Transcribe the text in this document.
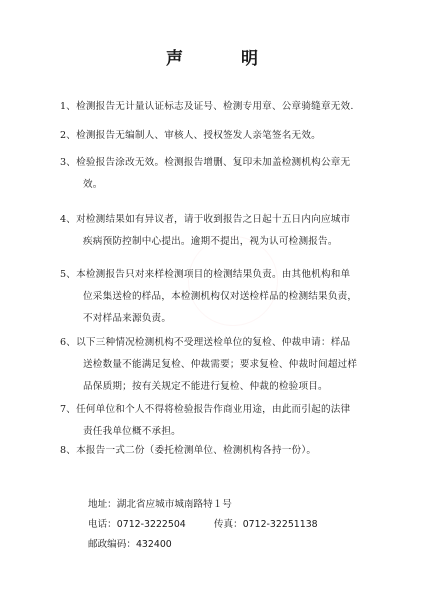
声 明
1、检测报告无计量认证标志及证号、检测专用章、公章骑缝章无效.
2、检测报告无编制人、审核人、授权签发人亲笔签名无效。
3、检验报告涂改无效。检测报告增删、复印未加盖检测机构公章无
效。
4、对检测结果如有异议者，请于收到报告之日起十五日内向应城市
疾病预防控制中心提出。逾期不提出，视为认可检测报告。
5、本检测报告只对来样检测项目的检测结果负责。由其他机构和单
位采集送检的样品，本检测机构仅对送检样品的检测结果负责，
不对样品来源负责。
6、以下三种情况检测机构不受理送检单位的复检、仲裁申请：样品
送检数量不能满足复检、仲裁需要；要求复检、仲裁时间超过样
品保质期；按有关规定不能进行复检、仲裁的检验项目。
7、任何单位和个人不得将检验报告作商业用途，由此而引起的法律
责任我单位概不承担。
8、本报告一式二份（委托检测单位、检测机构各持一份）。
地址：湖北省应城市城南路特１号
电话：0712-3222504	传真：0712-32251138
邮政编码：432400
